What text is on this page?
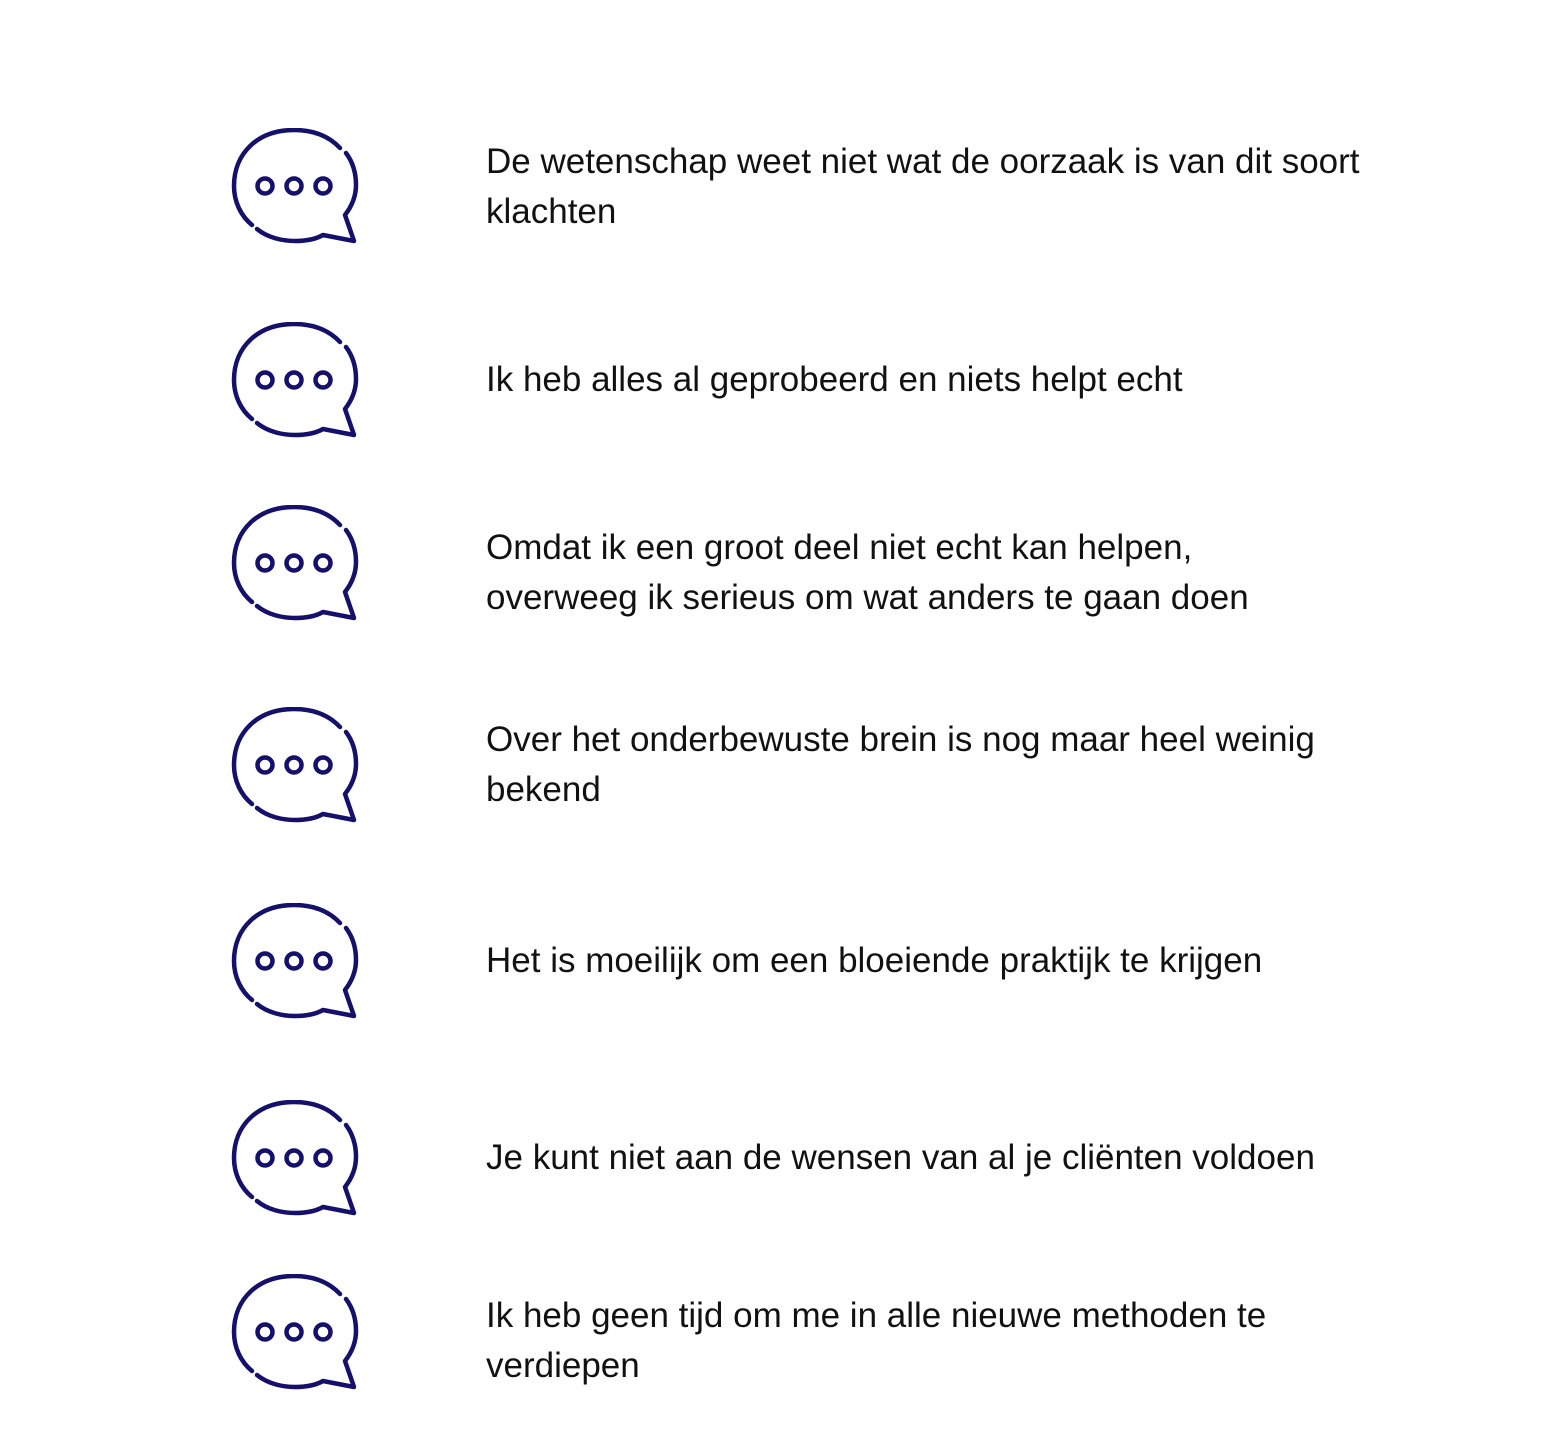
De wetenschap weet niet wat de oorzaak is van dit soort klachten

Ik heb alles al geprobeerd en niets helpt echt

Omdat ik een groot deel niet echt kan helpen, overweeg ik serieus om wat anders te gaan doen

Over het onderbewuste brein is nog maar heel weinig bekend

Het is moeilijk om een bloeiende praktijk te krijgen

Je kunt niet aan de wensen van al je cliënten voldoen

Ik heb geen tijd om me in alle nieuwe methoden te verdiepen
